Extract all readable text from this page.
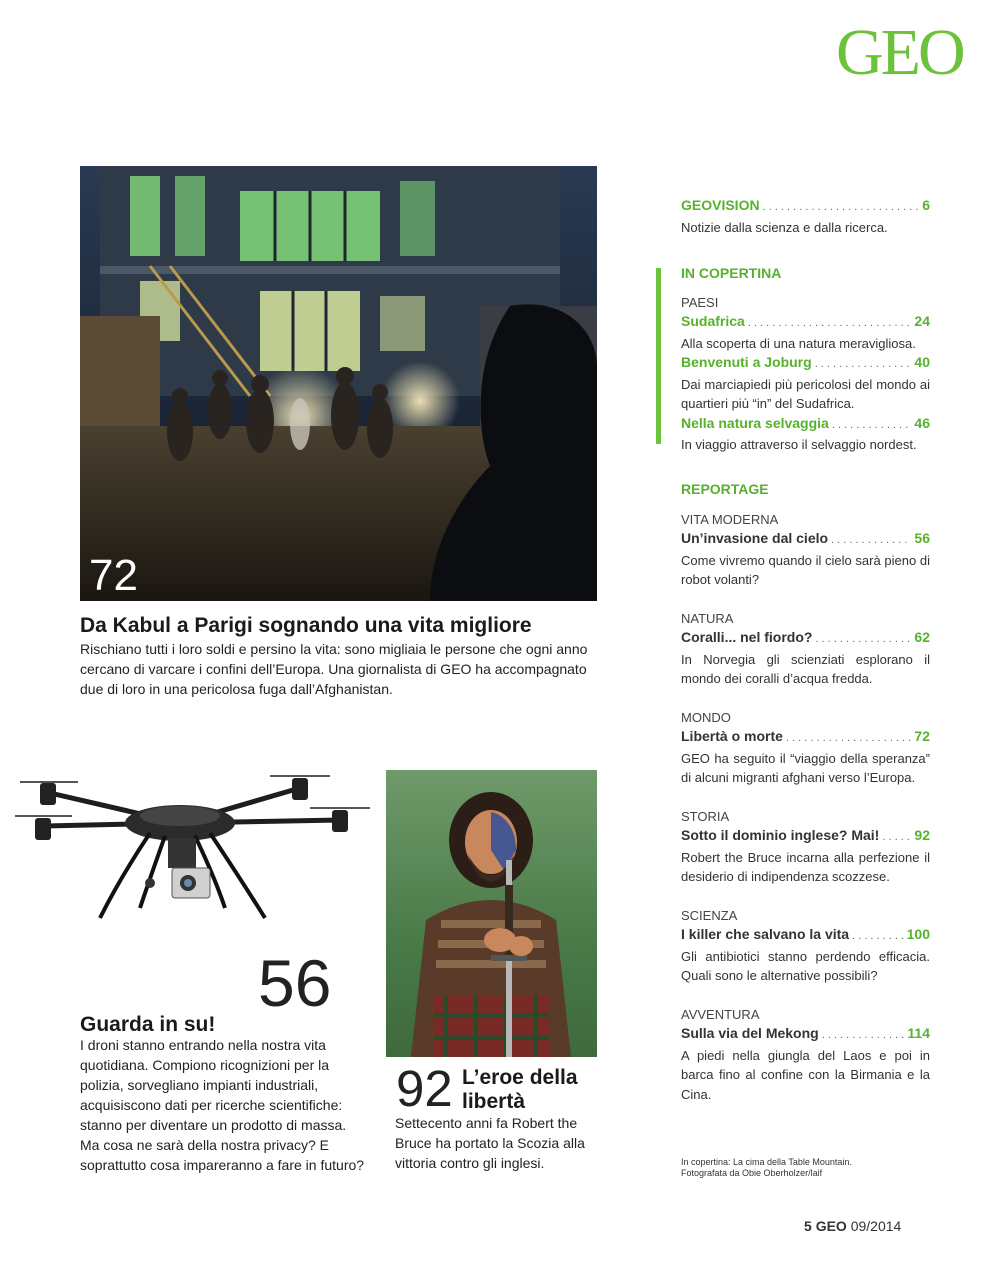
GEO
72
Da Kabul a Parigi sognando una vita migliore
Rischiano tutti i loro soldi e persino la vita: sono migliaia le persone che ogni anno cercano di varcare i confini dell’Europa. Una giornalista di GEO ha accompagnato due di loro in una pericolosa fuga dall’Afghanistan.
56
Guarda in su!
I droni stanno entrando nella nostra vita quotidiana. Compiono ricognizioni per la polizia, sorvegliano impianti industriali, acquisiscono dati per ricerche scientifiche: stanno per diventare un prodotto di massa. Ma cosa ne sarà della nostra privacy? E soprattutto cosa impareranno a fare in futuro?
92 L’eroe della
libertà
Settecento anni fa Robert the Bruce ha portato la Scozia alla vittoria contro gli inglesi.
GEOVISION . . .	6
Notizie dalla scienza e dalla ricerca.
IN COPERTINA
PAESI
Sudafrica . . .	24
Alla scoperta di una natura meravigliosa.
Benvenuti a Joburg . . .	40
Dai marciapiedi più pericolosi del mondo ai quartieri più “in” del Sudafrica.
Nella natura selvaggia . . .	46
In viaggio attraverso il selvaggio nordest.
REPORTAGE
VITA MODERNA
Un’invasione dal cielo . . .	56
Come vivremo quando il cielo sarà pieno di robot volanti?
NATURA
Coralli... nel fiordo? . . .	62
In Norvegia gli scienziati esplorano il mondo dei coralli d’acqua fredda.
MONDO
Libertà o morte . . .	72
GEO ha seguito il “viaggio della speranza” di alcuni migranti afghani verso l’Europa.
STORIA
Sotto il dominio inglese? Mai! . . .	92
Robert the Bruce incarna alla perfezione il desiderio di indipendenza scozzese.
SCIENZA
I killer che salvano la vita . . .	100
Gli antibiotici stanno perdendo efficacia. Quali sono le alternative possibili?
AVVENTURA
Sulla via del Mekong . . .	114
A piedi nella giungla del Laos e poi in barca fino al confine con la Birmania e la Cina.
In copertina: La cima della Table Mountain.
Fotografata da Obie Oberholzer/laif
5 GEO 09/2014
